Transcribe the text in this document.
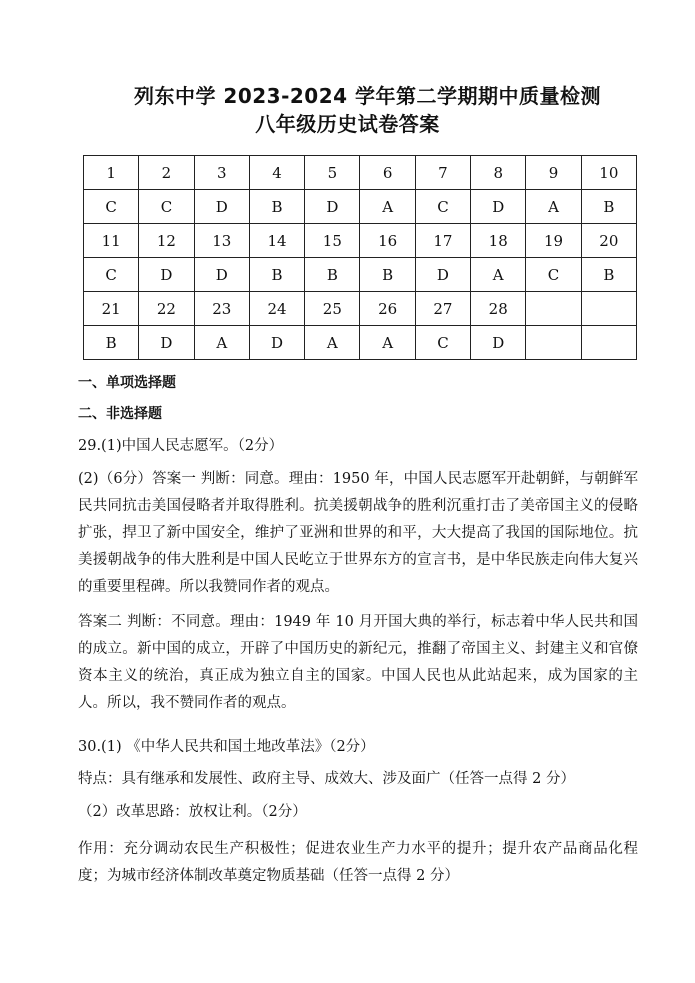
列东中学 2023-2024 学年第二学期期中质量检测
八年级历史试卷答案
1	2	3	4	5	6	7	8	9	10
C	C	D	B	D	A	C	D	A	B
11	12	13	14	15	16	17	18	19	20
C	D	D	B	B	B	D	A	C	B
21	22	23	24	25	26	27	28		
B	D	A	D	A	A	C	D		
一、单项选择题
二、非选择题
29.(1)中国人民志愿军。（2分）
(2)（6分）答案一 判断：同意。理由：1950 年，中国人民志愿军开赴朝鲜，与朝鲜军民共同抗击美国侵略者并取得胜利。抗美援朝战争的胜利沉重打击了美帝国主义的侵略扩张，捍卫了新中国安全，维护了亚洲和世界的和平，大大提高了我国的国际地位。抗美援朝战争的伟大胜利是中国人民屹立于世界东方的宣言书，是中华民族走向伟大复兴的重要里程碑。所以我赞同作者的观点。
答案二 判断：不同意。理由：1949 年 10 月开国大典的举行，标志着中华人民共和国的成立。新中国的成立，开辟了中国历史的新纪元，推翻了帝国主义、封建主义和官僚资本主义的统治，真正成为独立自主的国家。中国人民也从此站起来，成为国家的主人。所以，我不赞同作者的观点。
30.(1) 《中华人民共和国土地改革法》（2分）
特点：具有继承和发展性、政府主导、成效大、涉及面广（任答一点得 2 分）
（2）改革思路：放权让利。（2分）
作用：充分调动农民生产积极性；促进农业生产力水平的提升；提升农产品商品化程度；为城市经济体制改革奠定物质基础（任答一点得 2 分）
